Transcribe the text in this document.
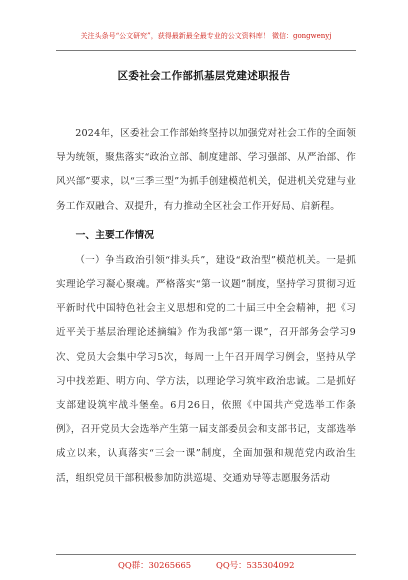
关注头条号“公文研究”，获得最新最全最专业的公文资料库！ 微信：gongwenyj
区委社会工作部抓基层党建述职报告

2024年，区委社会工作部始终坚持以加强党对社会工作的全面领导为统领，聚焦落实“政治立部、制度建部、学习强部、从严治部、作风兴部”要求，以“三季三型”为抓手创建模范机关，促进机关党建与业务工作双融合、双提升，有力推动全区社会工作开好局、启新程。

一、主要工作情况

（一）争当政治引领“排头兵”，建设“政治型”模范机关。一是抓实理论学习凝心聚魂。严格落实“第一议题”制度，坚持学习贯彻习近平新时代中国特色社会主义思想和党的二十届三中全会精神，把《习近平关于基层治理论述摘编》作为我部“第一课”，召开部务会学习9次、党员大会集中学习5次，每周一上午召开周学习例会，坚持从学习中找差距、明方向、学方法，以理论学习筑牢政治忠诚。二是抓好支部建设筑牢战斗堡垒。6月26日，依照《中国共产党选举工作条例》，召开党员大会选举产生第一届支部委员会和支部书记，支部选举成立以来，认真落实“三会一课”制度，全面加强和规范党内政治生活，组织党员干部积极参加防洪巡堤、交通劝导等志愿服务活动

QQ群：30265665	QQ号：535304092
